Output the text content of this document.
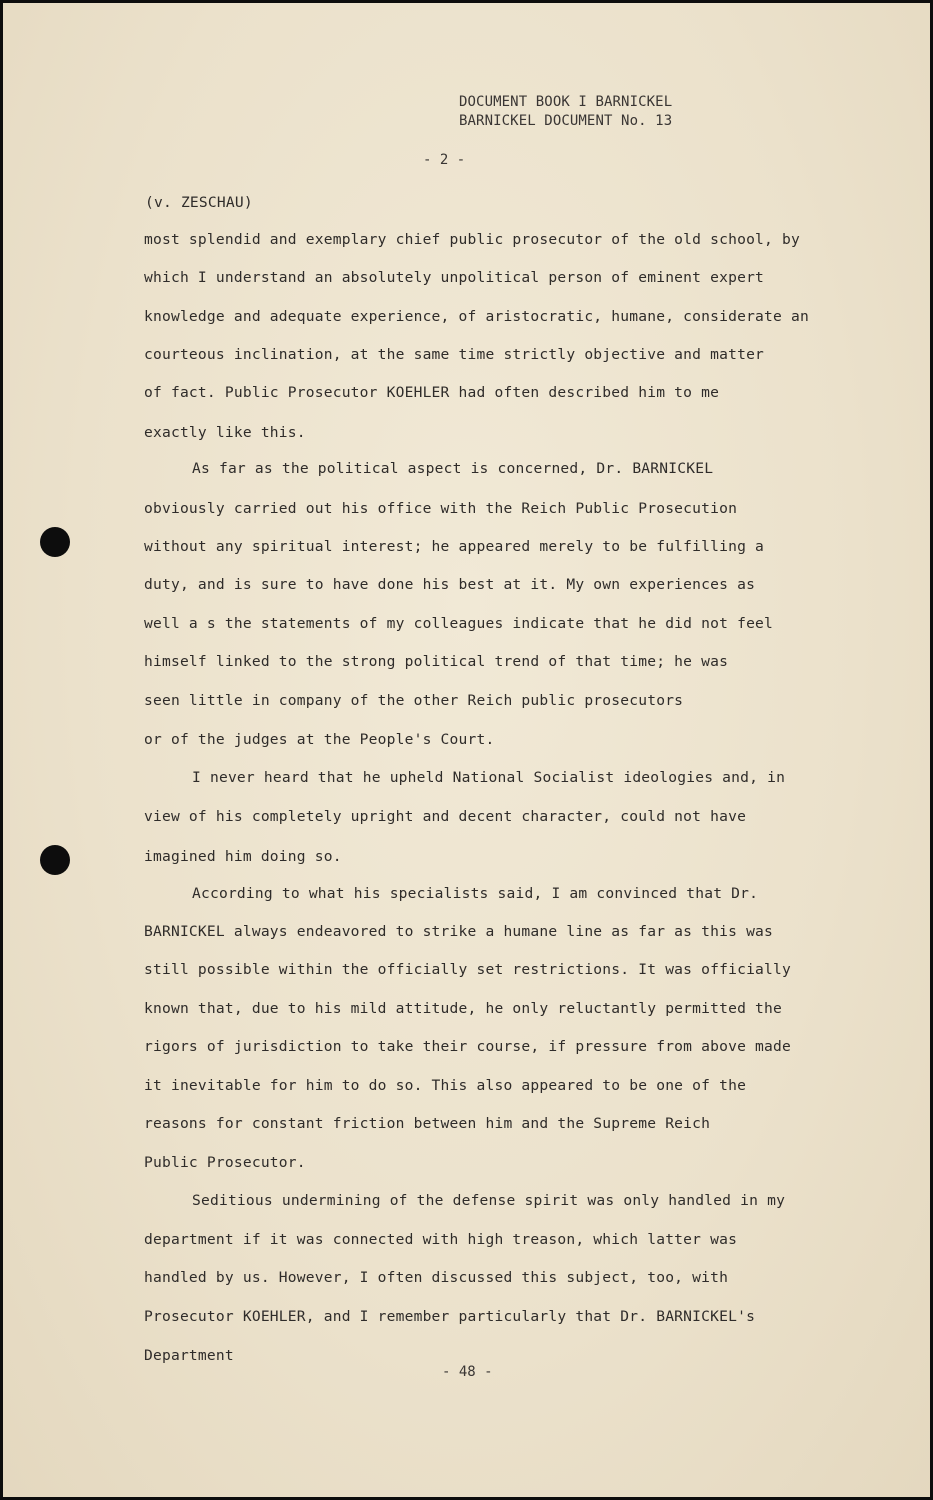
DOCUMENT BOOK I BARNICKEL
BARNICKEL DOCUMENT No. 13
- 2 -
(v. ZESCHAU)
most splendid and exemplary chief public prosecutor of the old school, by
which I understand an absolutely unpolitical person of eminent expert
knowledge and adequate experience, of aristocratic, humane, considerate an
courteous inclination, at the same time strictly objective and matter
of fact. Public Prosecutor KOEHLER had often described him to me
exactly like this.
As far as the political aspect is concerned, Dr. BARNICKEL
obviously carried out his office with the Reich Public Prosecution
without any spiritual interest; he appeared merely to be fulfilling a
duty, and is sure to have done his best at it. My own experiences as
well a s the statements of my colleagues indicate that he did not feel
himself linked to the strong political trend of that time; he was
seen little in company of the other Reich public prosecutors
or of the judges at the People's Court.
I never heard that he upheld National Socialist ideologies and, in
view of his completely upright and decent character, could not have
imagined him doing so.
According to what his specialists said, I am convinced that Dr.
BARNICKEL always endeavored to strike a humane line as far as this was
still possible within the officially set restrictions. It was officially
known that, due to his mild attitude, he only reluctantly permitted the
rigors of jurisdiction to take their course, if pressure from above made
it inevitable for him to do so. This also appeared to be one of the
reasons for constant friction between him and the Supreme Reich
Public Prosecutor.
Seditious undermining of the defense spirit was only handled in my
department if it was connected with high treason, which latter was
handled by us. However, I often discussed this subject, too, with
Prosecutor KOEHLER, and I remember particularly that Dr. BARNICKEL's
Department
- 48 -
